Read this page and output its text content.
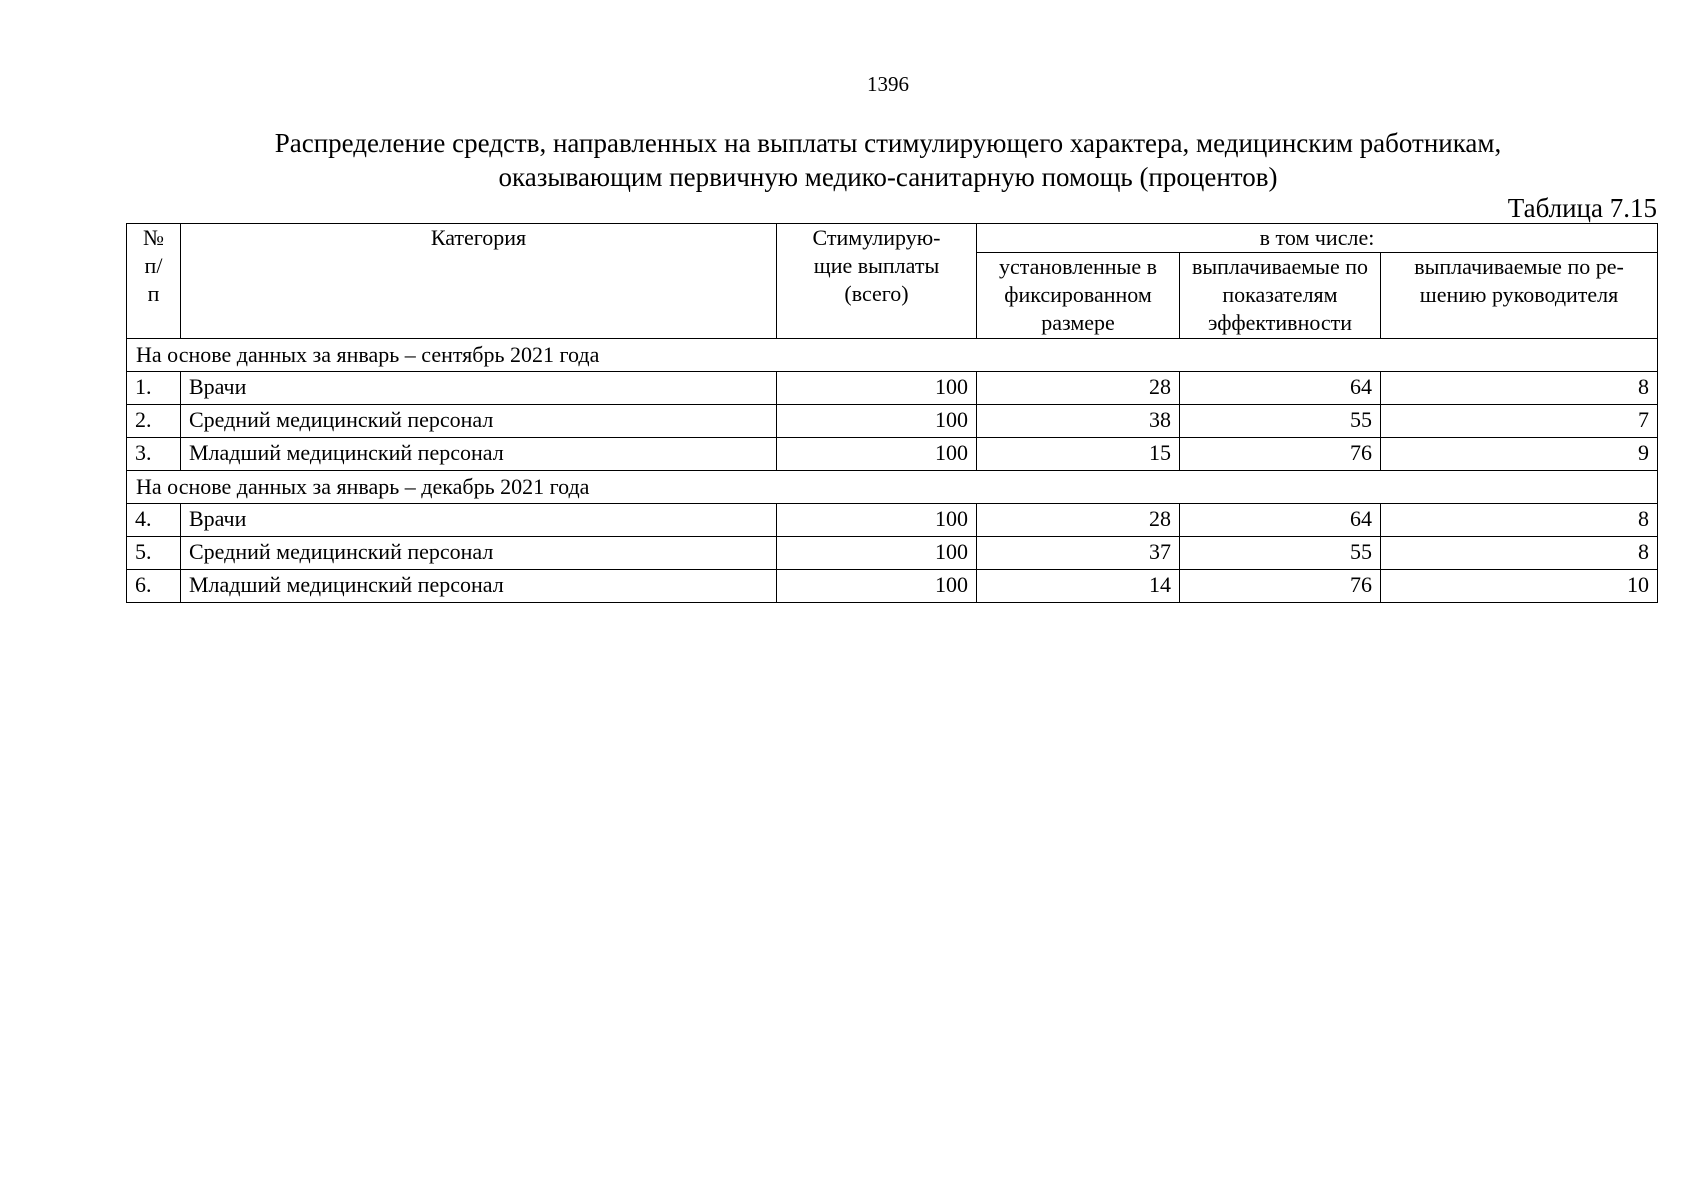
1396
Распределение средств, направленных на выплаты стимулирующего характера, медицинским работникам,
оказывающим первичную медико-санитарную помощь (процентов)
Таблица 7.15
№ п/п	Категория	Стимулирую-щие выплаты (всего)	в том числе:		
			установленные в фиксированном размере	выплачиваемые по показателям эффективности	выплачиваемые по ре-шению руководителя
На основе данных за январь – сентябрь 2021 года					
1.	Врачи	100	28	64	8
2.	Средний медицинский персонал	100	38	55	7
3.	Младший медицинский персонал	100	15	76	9
На основе данных за январь – декабрь 2021 года					
4.	Врачи	100	28	64	8
5.	Средний медицинский персонал	100	37	55	8
6.	Младший медицинский персонал	100	14	76	10
